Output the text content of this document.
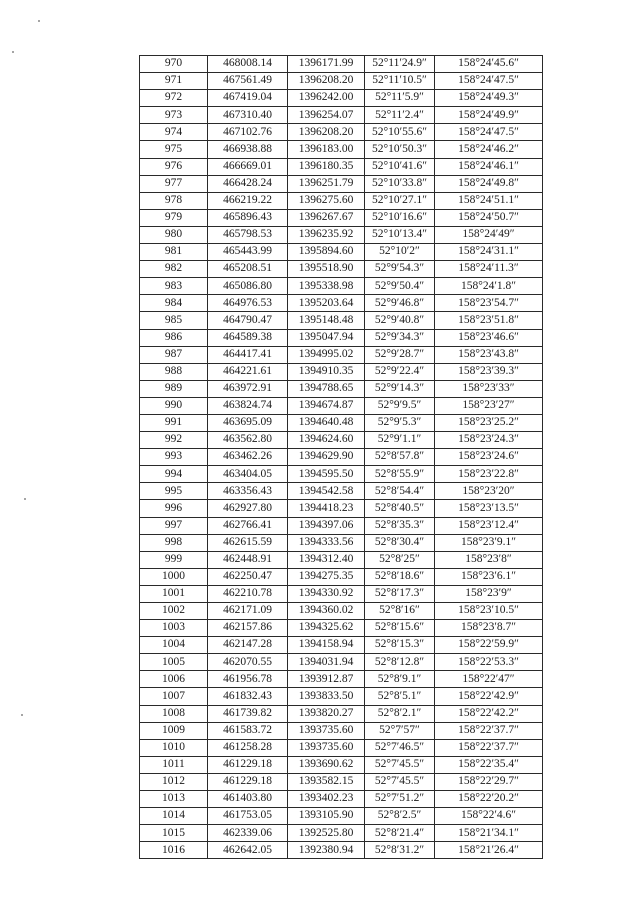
970	468008.14	1396171.99	52°11′24.9″	158°24′45.6″
971	467561.49	1396208.20	52°11′10.5″	158°24′47.5″
972	467419.04	1396242.00	52°11′5.9″	158°24′49.3″
973	467310.40	1396254.07	52°11′2.4″	158°24′49.9″
974	467102.76	1396208.20	52°10′55.6″	158°24′47.5″
975	466938.88	1396183.00	52°10′50.3″	158°24′46.2″
976	466669.01	1396180.35	52°10′41.6″	158°24′46.1″
977	466428.24	1396251.79	52°10′33.8″	158°24′49.8″
978	466219.22	1396275.60	52°10′27.1″	158°24′51.1″
979	465896.43	1396267.67	52°10′16.6″	158°24′50.7″
980	465798.53	1396235.92	52°10′13.4″	158°24′49″
981	465443.99	1395894.60	52°10′2″	158°24′31.1″
982	465208.51	1395518.90	52°9′54.3″	158°24′11.3″
983	465086.80	1395338.98	52°9′50.4″	158°24′1.8″
984	464976.53	1395203.64	52°9′46.8″	158°23′54.7″
985	464790.47	1395148.48	52°9′40.8″	158°23′51.8″
986	464589.38	1395047.94	52°9′34.3″	158°23′46.6″
987	464417.41	1394995.02	52°9′28.7″	158°23′43.8″
988	464221.61	1394910.35	52°9′22.4″	158°23′39.3″
989	463972.91	1394788.65	52°9′14.3″	158°23′33″
990	463824.74	1394674.87	52°9′9.5″	158°23′27″
991	463695.09	1394640.48	52°9′5.3″	158°23′25.2″
992	463562.80	1394624.60	52°9′1.1″	158°23′24.3″
993	463462.26	1394629.90	52°8′57.8″	158°23′24.6″
994	463404.05	1394595.50	52°8′55.9″	158°23′22.8″
995	463356.43	1394542.58	52°8′54.4″	158°23′20″
996	462927.80	1394418.23	52°8′40.5″	158°23′13.5″
997	462766.41	1394397.06	52°8′35.3″	158°23′12.4″
998	462615.59	1394333.56	52°8′30.4″	158°23′9.1″
999	462448.91	1394312.40	52°8′25″	158°23′8″
1000	462250.47	1394275.35	52°8′18.6″	158°23′6.1″
1001	462210.78	1394330.92	52°8′17.3″	158°23′9″
1002	462171.09	1394360.02	52°8′16″	158°23′10.5″
1003	462157.86	1394325.62	52°8′15.6″	158°23′8.7″
1004	462147.28	1394158.94	52°8′15.3″	158°22′59.9″
1005	462070.55	1394031.94	52°8′12.8″	158°22′53.3″
1006	461956.78	1393912.87	52°8′9.1″	158°22′47″
1007	461832.43	1393833.50	52°8′5.1″	158°22′42.9″
1008	461739.82	1393820.27	52°8′2.1″	158°22′42.2″
1009	461583.72	1393735.60	52°7′57″	158°22′37.7″
1010	461258.28	1393735.60	52°7′46.5″	158°22′37.7″
1011	461229.18	1393690.62	52°7′45.5″	158°22′35.4″
1012	461229.18	1393582.15	52°7′45.5″	158°22′29.7″
1013	461403.80	1393402.23	52°7′51.2″	158°22′20.2″
1014	461753.05	1393105.90	52°8′2.5″	158°22′4.6″
1015	462339.06	1392525.80	52°8′21.4″	158°21′34.1″
1016	462642.05	1392380.94	52°8′31.2″	158°21′26.4″
